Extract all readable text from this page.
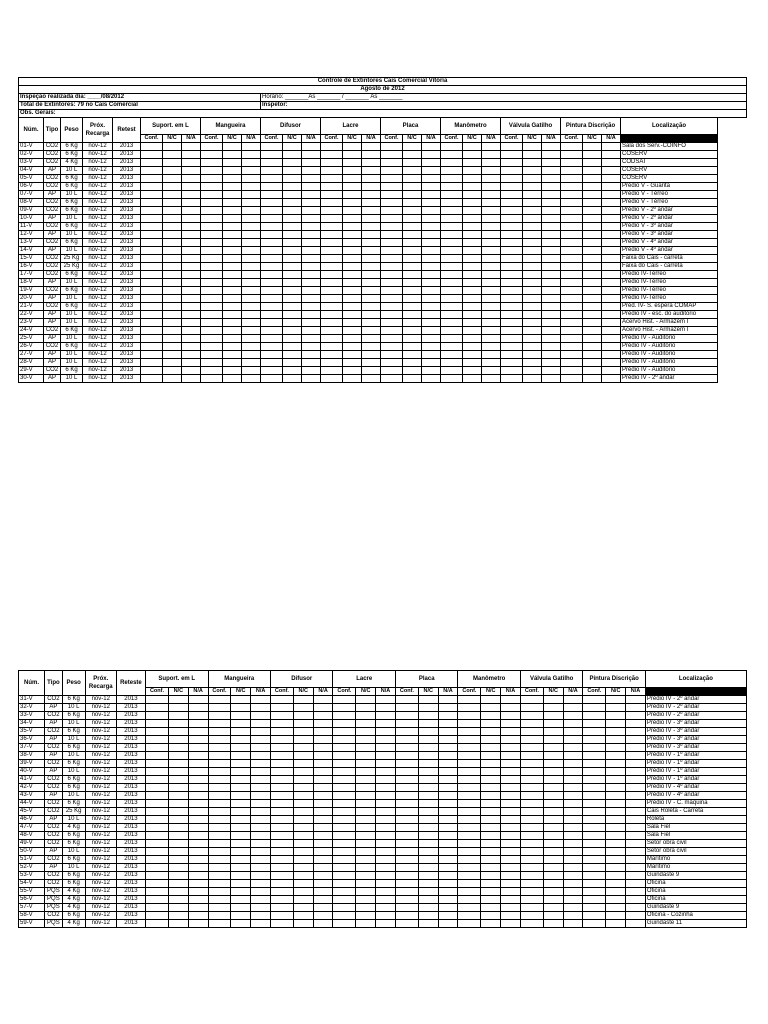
Controle de Extintores Cais Comercial Vitória																													
Agosto de 2012																													
Inspeção realizada dia: ____/08/2012											Horário: _______Às _______ / _______ Às _______																		
Total de Extintores: 79 no Cais Comercial											Inspetor:																		
Obs. Gerais:																													
Núm.	Tipo	Peso	Próx. Recarga	Retest	Suport. em L			Mangueira			Difusor			Lacre			Placa			Manômetro			Válvula Gatilho			Pintura Discrição			Localização
					Conf.	N/C	N/A	Conf.	N/C	N/A	Conf.	N/C	N/A	Conf.	N/C	N/A	Conf.	N/C	N/A	Conf.	N/C	N/A	Conf.	N/C	N/A	Conf.	N/C	N/A	
01-V	CO2	6 Kg	nov-12	2013																									Sala dos Serv.-COINFO
02-V	CO2	6 Kg	nov-12	2013																									COSERV
03-V	CO2	4 Kg	nov-12	2013																									CODSAT
04-V	AP	10 L	nov-12	2013																									COSERV
05-V	CO2	6 Kg	nov-12	2013																									COSERV
06-V	CO2	6 Kg	nov-12	2013																									Prédio V - Guarita
07-V	AP	10 L	nov-12	2013																									Prédio V - Térreo
08-V	CO2	6 Kg	nov-12	2013																									Prédio V - Térreo
09-V	CO2	6 Kg	nov-12	2013																									Prédio V - 2º andar
10-V	AP	10 L	nov-12	2013																									Prédio V - 2º andar
11-V	CO2	6 Kg	nov-12	2013																									Prédio V - 3º andar
12-V	AP	10 L	nov-12	2013																									Prédio V - 3º andar
13-V	CO2	6 Kg	nov-12	2013																									Prédio V - 4º andar
14-V	AP	10 L	nov-12	2013																									Prédio V - 4º andar
15-V	CO2	25 Kg	nov-12	2013																									Faixa do Cais - carreta
16-V	CO2	25 Kg	nov-12	2013																									Faixa do Cais - carreta
17-V	CO2	6 Kg	nov-12	2013																									Prédio IV-Térreo
18-V	AP	10 L	nov-12	2013																									Prédio IV-Térreo
19-V	CO2	6 Kg	nov-12	2013																									Prédio IV-Térreo
20-V	AP	10 L	nov-12	2013																									Prédio IV-Térreo
21-V	CO2	6 Kg	nov-12	2013																									Préd. IV- S. espera COMAP
22-V	AP	10 L	nov-12	2013																									Prédio IV - esc. do auditório
23-V	AP	10 L	nov-12	2013																									Acervo Hist. - Armazém I
24-V	CO2	6 Kg	nov-12	2013																									Acervo Hist. - Armazém I
25-V	AP	10 L	nov-12	2013																									Prédio IV - Auditório
26-V	CO2	6 Kg	nov-12	2013																									Prédio IV - Auditório
27-V	AP	10 L	nov-12	2013																									Prédio IV - Auditório
28-V	AP	10 L	nov-12	2013																									Prédio IV - Auditório
29-V	CO2	6 Kg	nov-12	2013																									Prédio IV - Auditório
30-V	AP	10 L	nov-12	2013																									Prédio IV - 2º andar
Núm.	Tipo	Peso	Próx. Recarga	Reteste	Suport. em L			Mangueira			Difusor			Lacre			Placa			Manômetro			Válvula Gatilho			Pintura Discrição			Localização
					Conf.	N/C	N/A	Conf.	N/C	N/A	Conf.	N/C	N/A	Conf.	N/C	N/A	Conf.	N/C	N/A	Conf.	N/C	N/A	Conf.	N/C	N/A	Conf.	N/C	N/A	
31-V	CO2	6 Kg	nov-12	2013																									Prédio IV - 2º andar
32-V	AP	10 L	nov-12	2013																									Prédio IV - 2º andar
33-V	CO2	6 Kg	nov-12	2013																									Prédio IV - 2º andar
34-V	AP	10 L	nov-12	2013																									Prédio IV - 3º andar
35-V	CO2	6 Kg	nov-12	2013																									Prédio IV - 3º andar
36-V	AP	10 L	nov-12	2013																									Prédio IV - 3º andar
37-V	CO2	6 Kg	nov-12	2013																									Prédio IV - 3º andar
38-V	AP	10 L	nov-12	2013																									Prédio IV - 1º andar
39-V	CO2	6 Kg	nov-12	2013																									Prédio IV - 1º andar
40-V	AP	10 L	nov-12	2013																									Prédio IV - 1º andar
41-V	CO2	6 Kg	nov-12	2013																									Prédio IV - 1º andar
42-V	CO2	6 Kg	nov-12	2013																									Prédio IV - 4º andar
43-V	AP	10 L	nov-12	2013																									Prédio IV - 4º andar
44-V	CO2	6 Kg	nov-12	2013																									Prédio IV - C. máquina
45-V	CO2	25 Kg	nov-12	2013																									Cais Roleta - Carreta
46-V	AP	10 L	nov-12	2013																									Roleta
47-V	CO2	4 Kg	nov-12	2013																									Sala Fiel
48-V	CO2	6 Kg	nov-12	2013																									Sala Fiel
49-V	CO2	6 Kg	nov-12	2013																									Setor obra civil
50-V	AP	10 L	nov-12	2013																									Setor obra civil
51-V	CO2	6 Kg	nov-12	2013																									Marítimo
52-V	AP	10 L	nov-12	2013																									Marítimo
53-V	CO2	6 Kg	nov-12	2013																									Guindaste 9
54-V	CO2	6 Kg	nov-12	2013																									Oficina
55-V	PQS	4 Kg	nov-12	2013																									Oficina
56-V	PQS	4 Kg	nov-12	2013																									Oficina
57-V	PQS	4 Kg	nov-12	2013																									Guindaste 9
58-V	CO2	6 Kg	nov-12	2013																									Oficina - Cozinha
59-V	PQS	4 Kg	nov-12	2013																									Guindaste 11
